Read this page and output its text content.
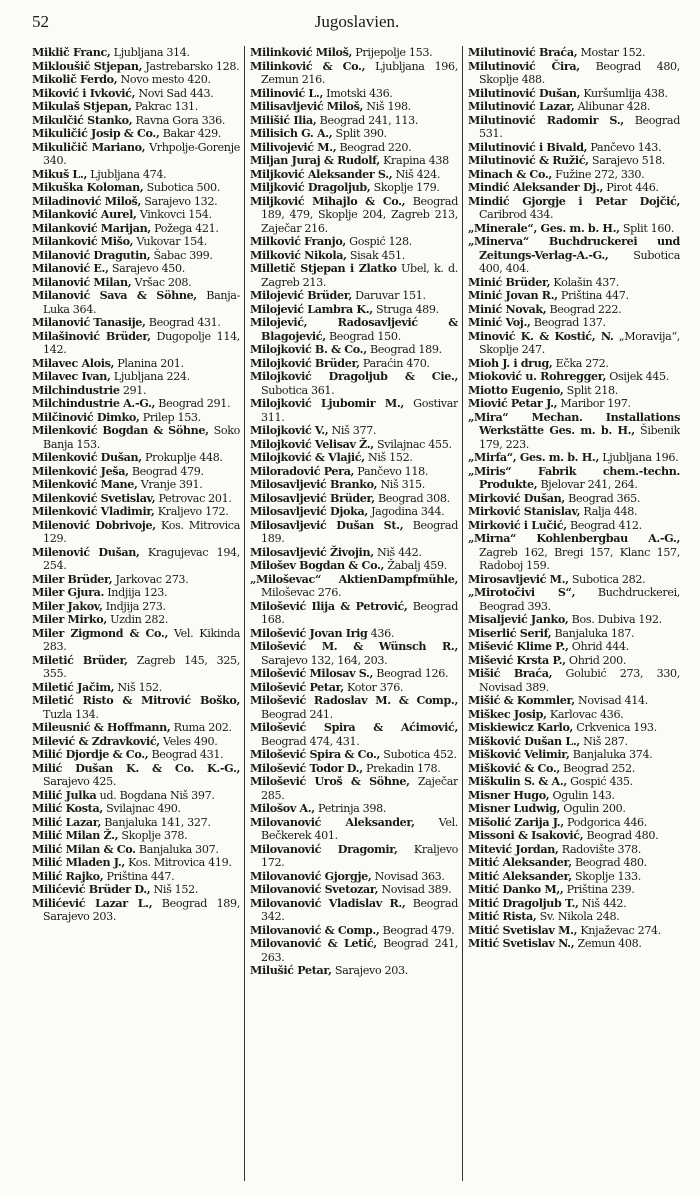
Jugoslavien.
52
Miklič Franc, Ljubljana 314.
Mikloušič Stjepan, Jastrebarsko 128.
Mikolič Ferdo, Novo mesto 420.
Miković i Ivković, Novi Sad 443.
Mikulaš Stjepan, Pakrac 131.
Mikulčić Stanko, Ravna Gora 336.
Mikuličić Josip & Co., Bakar 429.
Mikuličič Mariano, Vrhpolje-Gorenje 340.
Mikuš L., Ljubljana 474.
Mikuška Koloman, Subotica 500.
Miladinović Miloš, Sarajevo 132.
Milanković Aurel, Vinkovci 154.
Milanković Marijan, Požega 421.
Milanković Mišo, Vukovar 154.
Milanović Dragutin, Šabac 399.
Milanović E., Sarajevo 450.
Milanović Milan, Vršac 208.
Milanović Sava & Söhne, Banja-Luka 364.
Milanović Tanasije, Beograd 431.
Milašinović Brüder, Dugopolje 114, 142.
Milavec Alois, Planina 201.
Milavec Ivan, Ljubljana 224.
Milchindustrie 291.
Milchindustrie A.-G., Beograd 291.
Milčinović Dimko, Prilep 153.
Milenković Bogdan & Söhne, Soko Banja 153.
Milenković Dušan, Prokuplje 448.
Milenković Ješa, Beograd 479.
Milenković Mane, Vranje 391.
Milenković Svetislav, Petrovac 201.
Milenković Vladimir, Kraljevo 172.
Milenović Dobrivoje, Kos. Mitrovica 129.
Milenović Dušan, Kragujevac 194, 254.
Miler Brüder, Jarkovac 273.
Miler Gjura. Indjija 123.
Miler Jakov, Indjija 273.
Miler Mirko, Uzdin 282.
Miler Zigmond & Co., Vel. Kikinda 283.
Miletić Brüder, Zagreb 145, 325, 355.
Miletić Jačim, Niš 152.
Miletić Risto & Mitrović Boško, Tuzla 134.
Mileusnić & Hoffmann, Ruma 202.
Milević & Zdravković, Veles 490.
Milić Djordje & Co., Beograd 431.
Milić Dušan K. & Co. K.-G., Sarajevo 425.
Milić Julka ud. Bogdana Niš 397.
Milić Kosta, Svilajnac 490.
Milić Lazar, Banjaluka 141, 327.
Milić Milan Ž., Skoplje 378.
Milić Milan & Co. Banjaluka 307.
Milić Mladen J., Kos. Mitrovica 419.
Milić Rajko, Priština 447.
Milićević Brüder D., Niš 152.
Milićević Lazar L., Beograd 189, Sarajevo 203.
Milinković Miloš, Prijepolje 153.
Milinković & Co., Ljubljana 196, Zemun 216.
Milinović L., Imotski 436.
Milisavljević Miloš, Niš 198.
Milišić Ilia, Beograd 241, 113.
Milisich G. A., Split 390.
Milivojević M., Beograd 220.
Miljan Juraj & Rudolf, Krapina 438
Miljković Aleksander S., Niš 424.
Miljković Dragoljub, Skoplje 179.
Miljković Mihajlo & Co., Beograd 189, 479, Skoplje 204, Zagreb 213, Zaječar 216.
Milković Franjo, Gospić 128.
Milković Nikola, Sisak 451.
Milletič Stjepan i Zlatko Ubel, k. d. Zagreb 213.
Milojević Brüder, Daruvar 151.
Milojević Lambra K., Struga 489.
Milojević, Radosavljević & Blagojević, Beograd 150.
Milojković B. & Co., Beograd 189.
Milojković Brüder, Paraćin 470.
Milojković Dragoljub & Cie., Subotica 361.
Milojković Ljubomir M., Gostivar 311.
Milojković V., Niš 377.
Milojković Velisav Ž., Svilajnac 455.
Milojković & Vlajić, Niš 152.
Miloradović Pera, Pančevo 118.
Milosavljević Branko, Niš 315.
Milosavljević Brüder, Beograd 308.
Milosavljević Djoka, Jagodina 344.
Milosavljević Dušan St., Beograd 189.
Milosavljević Živojin, Niš 442.
Milošev Bogdan & Co., Žabalj 459.
„Miloševac“ AktienDampfmühle, Miloševac 276.
Milošević Ilija & Petrović, Beograd 168.
Milošević Jovan Irig 436.
Milošević M. & Wünsch R., Sarajevo 132, 164, 203.
Milošević Milosav S., Beograd 126.
Milošević Petar, Kotor 376.
Milošević Radoslav M. & Comp., Beograd 241.
Milošević Spira & Aćimović, Beograd 474, 431.
Milošević Spira & Co., Subotica 452.
Milošević Todor D., Prekadin 178.
Milošević Uroš & Söhne, Zaječar 285.
Milošov A., Petrinja 398.
Milovanović Aleksander, Vel. Bečkerek 401.
Milovanović Dragomir, Kraljevo 172.
Milovanović Gjorgje, Novisad 363.
Milovanović Svetozar, Novisad 389.
Milovanović Vladislav R., Beograd 342.
Milovanović & Comp., Beograd 479.
Milovanović & Letić, Beograd 241, 263.
Milušić Petar, Sarajevo 203.
Milutinović Braća, Mostar 152.
Milutinović Čira, Beograd 480, Skoplje 488.
Milutinović Dušan, Kuršumlija 438.
Milutinović Lazar, Alibunar 428.
Milutinović Radomir S., Beograd 531.
Milutinović i Bivald, Pančevo 143.
Milutinović & Ružić, Sarajevo 518.
Minach & Co., Fužine 272, 330.
Mindić Aleksander Dj., Pirot 446.
Mindić Gjorgje i Petar Dojčić, Caribrod 434.
„Minerale“, Ges. m. b. H., Split 160.
„Minerva“ Buchdruckerei und Zeitungs-Verlag-A.-G., Subotica 400, 404.
Minić Brüder, Kolašin 437.
Minić Jovan R., Priština 447.
Minić Novak, Beograd 222.
Minić Voj., Beograd 137.
Minović K. & Kostić, N. „Moravija“, Skoplje 247.
Mioh J. i drug, Ečka 272.
Mioković u. Rohregger, Osijek 445.
Miotto Eugenio, Split 218.
Miović Petar J., Maribor 197.
„Mira“ Mechan. Installations Werkstätte Ges. m. b. H., Šibenik 179, 223.
„Mirfa“, Ges. m. b. H., Ljubljana 196.
„Miris“ Fabrik chem.-techn. Produkte, Bjelovar 241, 264.
Mirković Dušan, Beograd 365.
Mirković Stanislav, Ralja 448.
Mirković i Lučić, Beograd 412.
„Mirna“ Kohlenbergbau A.-G., Zagreb 162, Bregi 157, Klanc 157, Radoboj 159.
Mirosavljević M., Subotica 282.
„Mirotočivi S“, Buchdruckerei, Beograd 393.
Misaljević Janko, Bos. Dubiva 192.
Miserlić Serif, Banjaluka 187.
Mišević Klime P., Ohrid 444.
Mišević Krsta P., Ohrid 200.
Mišić Braća, Golubić 273, 330, Novisad 389.
Mišić & Kommler, Novisad 414.
Miškec Josip, Karlovac 436.
Miskiewicz Karlo, Crkvenica 193.
Mišković Dušan L., Niš 287.
Mišković Velimir, Banjaluka 374.
Mišković & Co., Beograd 252.
Miškulin S. & A., Gospić 435.
Misner Hugo, Ogulin 143.
Misner Ludwig, Ogulin 200.
Mišolić Zarija J., Podgorica 446.
Missoni & Isaković, Beograd 480.
Mitević Jordan, Radovište 378.
Mitić Aleksander, Beograd 480.
Mitić Aleksander, Skoplje 133.
Mitić Danko M,, Priština 239.
Mitić Dragoljub T., Niš 442.
Mitić Rista, Sv. Nikola 248.
Mitić Svetislav M., Knjaževac 274.
Mitić Svetislav N., Zemun 408.
